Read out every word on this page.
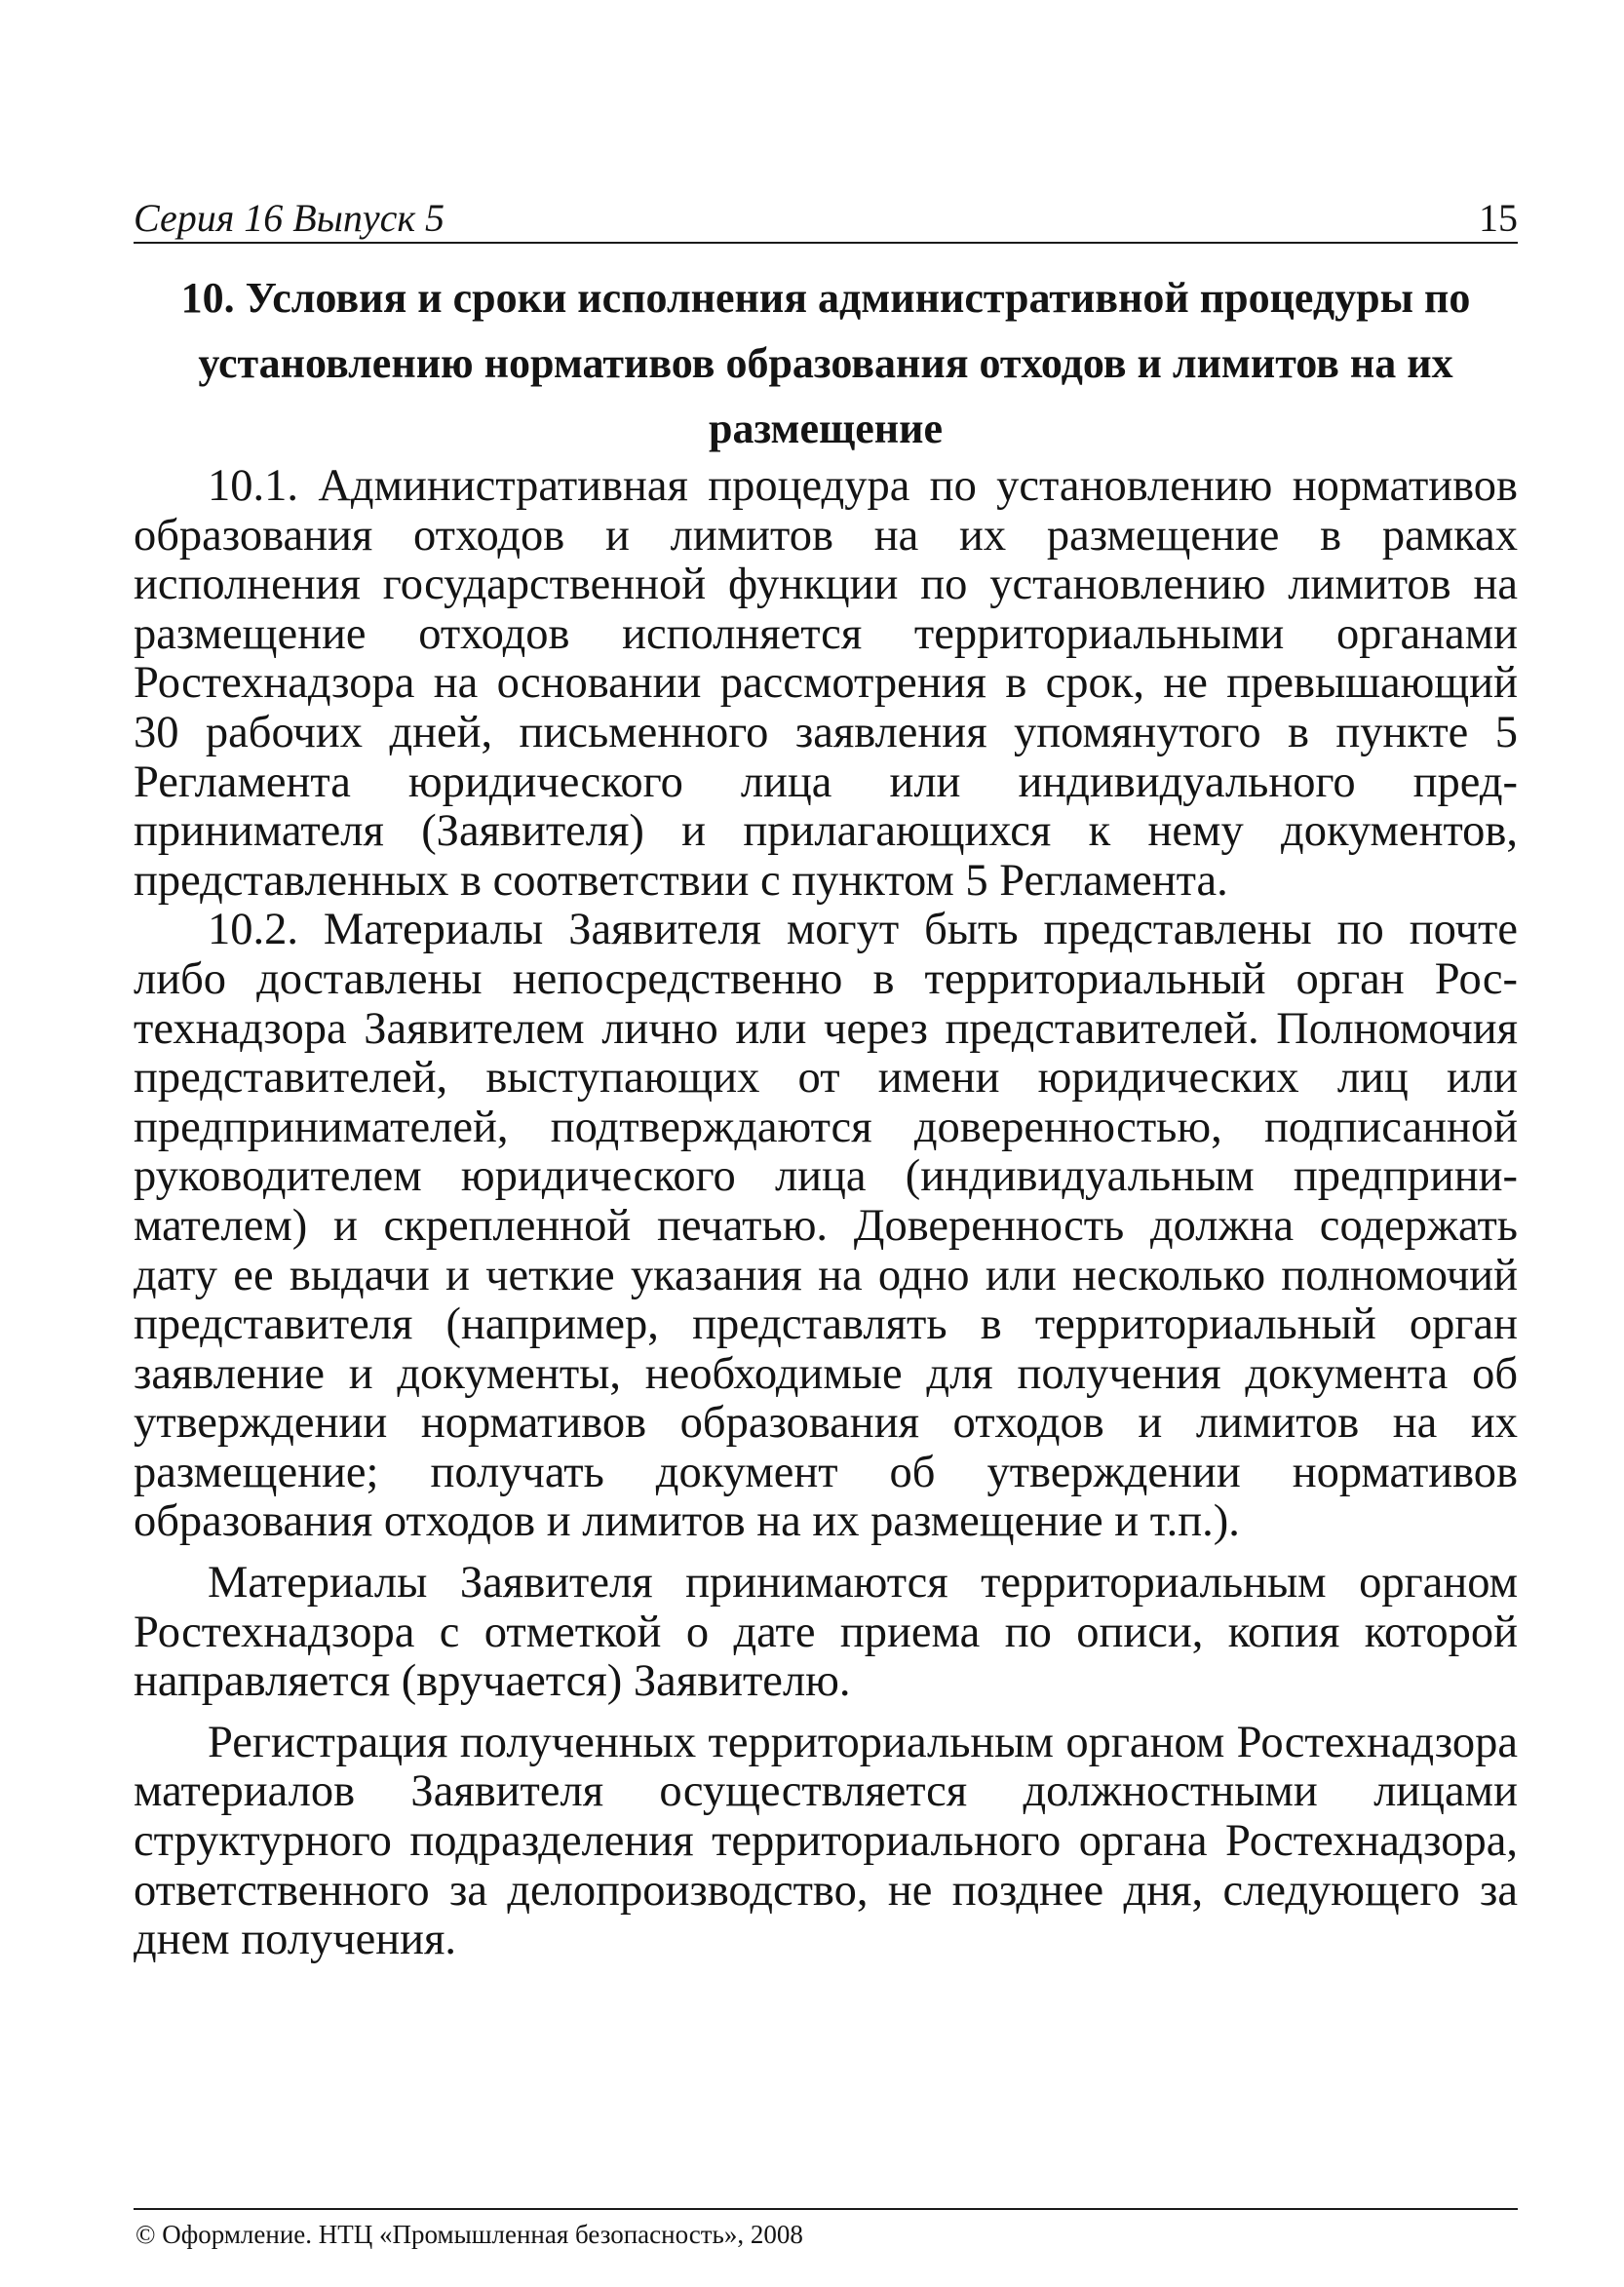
Серия 16 Выпуск 5	15
10. Условия и сроки исполнения административной процедуры по
установлению нормативов образования отходов и лимитов на их
размещение

10.1. Административная процедура по установлению нормативов образования отходов и лимитов на их размещение в рамках исполнения государственной функции по установлению лимитов на размещение отходов исполняется территориальными органами Ростехнадзора на основании рассмотрения в срок, не превышающий 30 рабочих дней, письменного заявления упомянутого в пункте 5 Регламента юридического лица или индивидуального предпринимателя (Заявителя) и прилагающихся к нему документов, представленных в соответствии с пунктом 5 Регламента.

10.2. Материалы Заявителя могут быть представлены по почте либо доставлены непосредственно в территориальный орган Ростехнадзора Заявителем лично или через представителей. Полномочия представителей, выступающих от имени юридических лиц или предпринимателей, подтверждаются доверенностью, подписанной руководителем юридического лица (индивидуальным предпринимателем) и скрепленной печатью. Доверенность должна содержать дату ее выдачи и четкие указания на одно или несколько полномочий представителя (например, представлять в территориальный орган заявление и документы, необходимые для получения документа об утверждении нормативов образования отходов и лимитов на их размещение; получать документ об утверждении нормативов образования отходов и лимитов на их размещение и т.п.).

Материалы Заявителя принимаются территориальным органом Ростехнадзора с отметкой о дате приема по описи, копия которой направляется (вручается) Заявителю.

Регистрация полученных территориальным органом Ростехнадзора материалов Заявителя осуществляется должностными лицами структурного подразделения территориального органа Ростехнадзора, ответственного за делопроизводство, не позднее дня, следующего за днем получения.

© Оформление. НТЦ «Промышленная безопасность», 2008
